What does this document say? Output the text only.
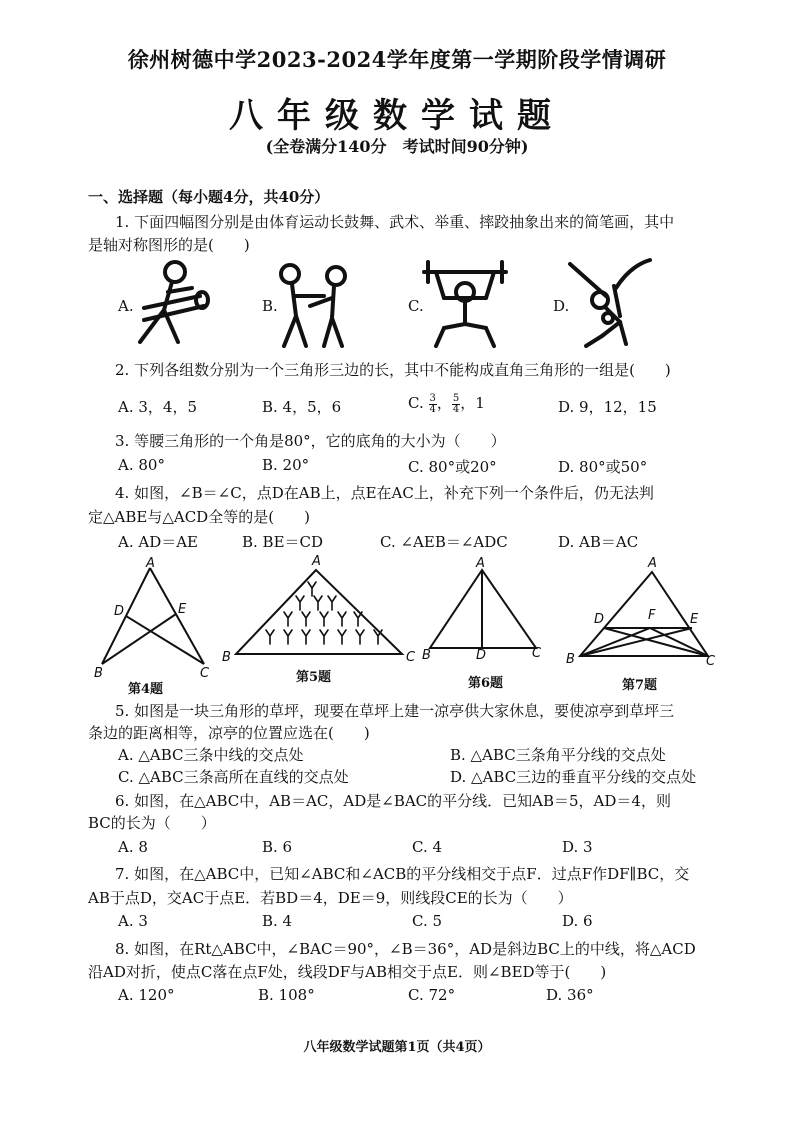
徐州树德中学2023-2024学年度第一学期阶段学情调研
八年级数学试题
(全卷满分140分　考试时间90分钟)
一、选择题（每小题4分，共40分）
1. 下面四幅图分别是由体育运动长鼓舞、武术、举重、摔跤抽象出来的简笔画，其中
是轴对称图形的是(　　)
A.	B.	C.	D.
2. 下列各组数分别为一个三角形三边的长，其中不能构成直角三角形的一组是(　　)
A. 3，4，5	B. 4，5，6	C. $\frac{3}{4}$ ， $\frac{5}{4}$ ，1	D. 9，12，15
3. 等腰三角形的一个角是80°，它的底角的大小为（　　）
A. 80°	B. 20°	C. 80°或20°	D. 80°或50°
4. 如图，∠B＝∠C，点D在AB上，点E在AC上，补充下列一个条件后，仍无法判
定△ABE与△ACD全等的是(　　)
A. AD＝AE	B. BE＝CD	C. ∠AEB＝∠ADC	D. AB＝AC
A
D	E
B	C
第4题
A
B	C
第5题
A
B	D	C
第6题
A
D	F	E
B	C
第7题
5. 如图是一块三角形的草坪，现要在草坪上建一凉亭供大家休息，要使凉亭到草坪三
条边的距离相等，凉亭的位置应选在(　　)
A. △ABC三条中线的交点处	B. △ABC三条角平分线的交点处
C. △ABC三条高所在直线的交点处	D. △ABC三边的垂直平分线的交点处
6. 如图，在△ABC中，AB＝AC，AD是∠BAC的平分线．已知AB＝5，AD＝4，则
BC的长为（　　）
A. 8	B. 6	C. 4	D. 3
7. 如图，在△ABC中，已知∠ABC和∠ACB的平分线相交于点F．过点F作DF∥BC，交
AB于点D，交AC于点E．若BD＝4，DE＝9，则线段CE的长为（　　）
A. 3	B. 4	C. 5	D. 6
8. 如图，在Rt△ABC中，∠BAC＝90°，∠B＝36°，AD是斜边BC上的中线，将△ACD
沿AD对折，使点C落在点F处，线段DF与AB相交于点E．则∠BED等于(　　)
A. 120°	B. 108°	C. 72°	D. 36°
八年级数学试题第1页（共4页）
